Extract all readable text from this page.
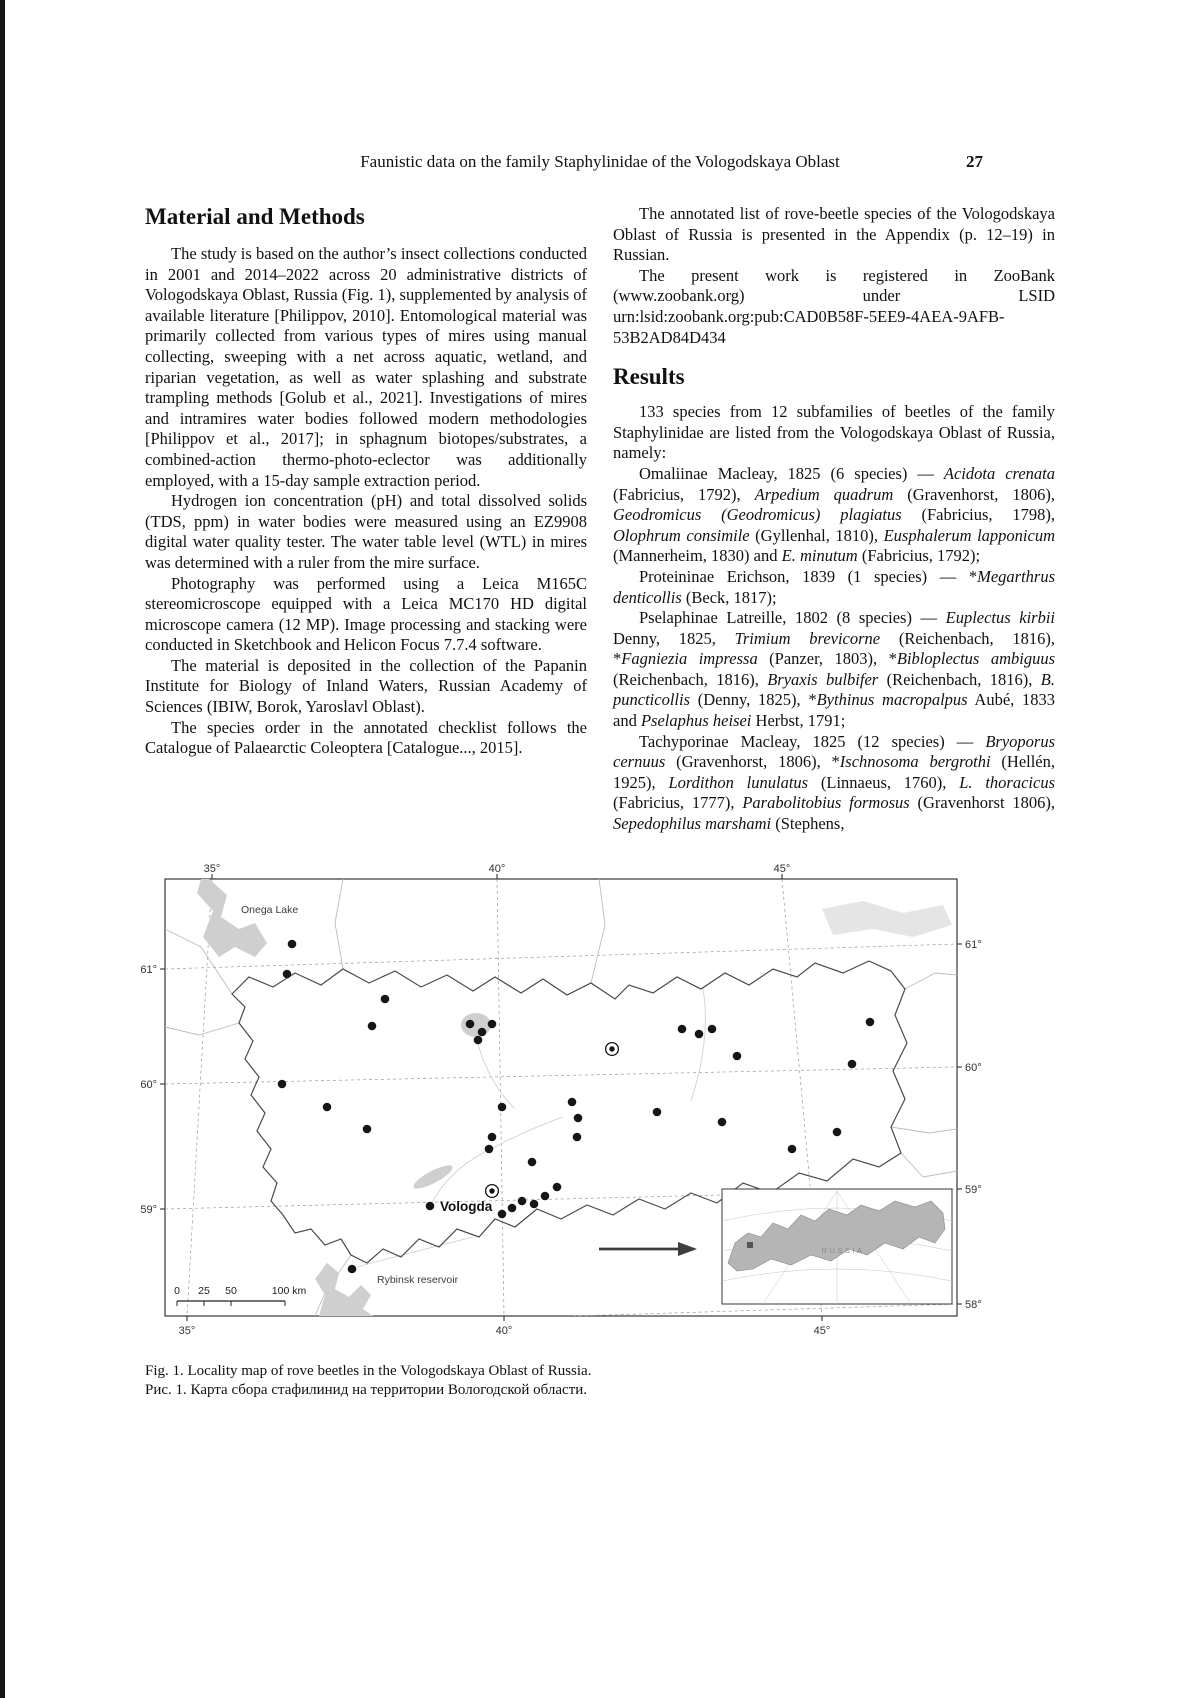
Faunistic data on the family Staphylinidae of the Vologodskaya Oblast	27
Material and Methods

The study is based on the author’s insect collections conducted in 2001 and 2014–2022 across 20 administrative districts of Vologodskaya Oblast, Russia (Fig. 1), supplemented by analysis of available literature [Philippov, 2010]. Entomological material was primarily collected from various types of mires using manual collecting, sweeping with a net across aquatic, wetland, and riparian vegetation, as well as water splashing and substrate trampling methods [Golub et al., 2021]. Investigations of mires and intramires water bodies followed modern methodologies [Philippov et al., 2017]; in sphagnum biotopes/substrates, a combined-action thermo-photo-eclector was additionally employed, with a 15-day sample extraction period.

Hydrogen ion concentration (pH) and total dissolved solids (TDS, ppm) in water bodies were measured using an EZ9908 digital water quality tester. The water table level (WTL) in mires was determined with a ruler from the mire surface.

Photography was performed using a Leica M165C stereomicroscope equipped with a Leica MC170 HD digital microscope camera (12 MP). Image processing and stacking were conducted in Sketchbook and Helicon Focus 7.7.4 software.

The material is deposited in the collection of the Papanin Institute for Biology of Inland Waters, Russian Academy of Sciences (IBIW, Borok, Yaroslavl Oblast).

The species order in the annotated checklist follows the Catalogue of Palaearctic Coleoptera [Catalogue..., 2015].

The annotated list of rove-beetle species of the Vologodskaya Oblast of Russia is presented in the Appendix (p. 12–19) in Russian.

The present work is registered in ZooBank (www.zoobank.org) under LSID urn:lsid:zoobank.org:pub:CAD0B58F-5EE9-4AEA-9AFB-53B2AD84D434

Results

133 species from 12 subfamilies of beetles of the family Staphylinidae are listed from the Vologodskaya Oblast of Russia, namely:

Omaliinae Macleay, 1825 (6 species) — Acidota crenata (Fabricius, 1792), Arpedium quadrum (Gravenhorst, 1806), Geodromicus (Geodromicus) plagiatus (Fabricius, 1798), Olophrum consimile (Gyllenhal, 1810), Eusphalerum lapponicum (Mannerheim, 1830) and E. minutum (Fabricius, 1792);

Proteininae Erichson, 1839 (1 species) — *Megarthrus denticollis (Beck, 1817);

Pselaphinae Latreille, 1802 (8 species) — Euplectus kirbii Denny, 1825, Trimium brevicorne (Reichenbach, 1816), *Fagniezia impressa (Panzer, 1803), *Bibloplectus ambiguus (Reichenbach, 1816), Bryaxis bulbifer (Reichenbach, 1816), B. puncticollis (Denny, 1825), *Bythinus macropalpus Aubé, 1833 and Pselaphus heisei Herbst, 1791;

Tachyporinae Macleay, 1825 (12 species) — Bryoporus cernuus (Gravenhorst, 1806), *Ischnosoma bergrothi (Hellén, 1925), Lordithon lunulatus (Linnaeus, 1760), L. thoracicus (Fabricius, 1777), Parabolitobius formosus (Gravenhorst 1806), Sepedophilus marshami (Stephens,

35°	40°	45°
35°	40°	45°
61°
60°
59°
61°
60°
59°
58°
Onega Lake
Vologda
Rybinsk reservoir
0 25 50	100 km
RUSSIA
Fig. 1. Locality map of rove beetles in the Vologodskaya Oblast of Russia.
Рис. 1. Карта сбора стафилинид на территории Вологодской области.
